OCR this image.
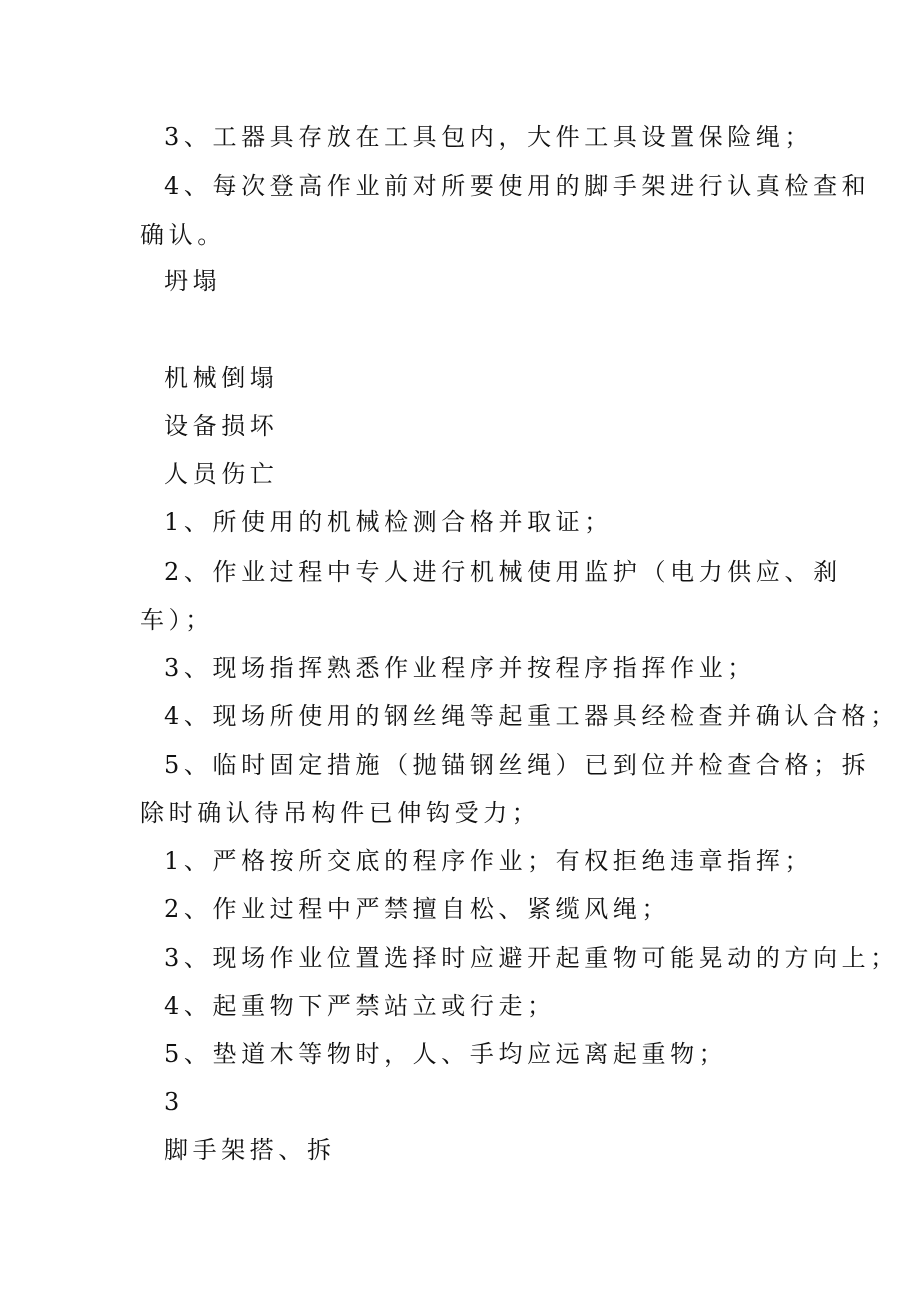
3、工器具存放在工具包内，大件工具设置保险绳；
4、每次登高作业前对所要使用的脚手架进行认真检查和
确认。
坍塌
机械倒塌
设备损坏
人员伤亡
1、所使用的机械检测合格并取证；
2、作业过程中专人进行机械使用监护（电力供应、刹
车）；
3、现场指挥熟悉作业程序并按程序指挥作业；
4、现场所使用的钢丝绳等起重工器具经检查并确认合格；
5、临时固定措施（抛锚钢丝绳）已到位并检查合格；拆
除时确认待吊构件已伸钩受力；
1、严格按所交底的程序作业；有权拒绝违章指挥；
2、作业过程中严禁擅自松、紧缆风绳；
3、现场作业位置选择时应避开起重物可能晃动的方向上；
4、起重物下严禁站立或行走；
5、垫道木等物时，人、手均应远离起重物；
3
脚手架搭、拆
